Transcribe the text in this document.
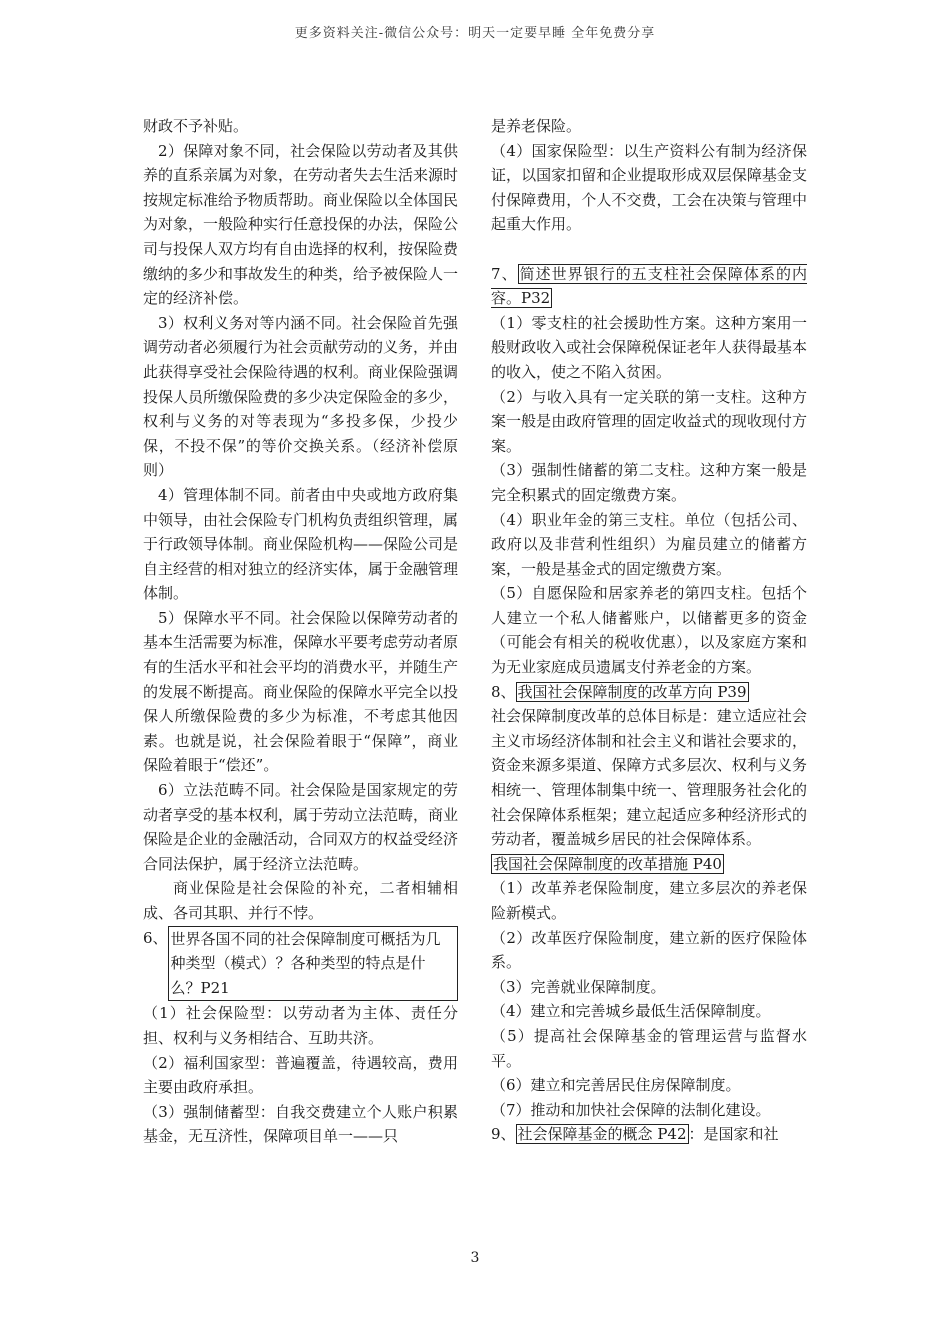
更多资料关注-微信公众号：明天一定要早睡 全年免费分享

财政不予补贴。

2）保障对象不同，社会保险以劳动者及其供养的直系亲属为对象，在劳动者失去生活来源时按规定标准给予物质帮助。商业保险以全体国民为对象，一般险种实行任意投保的办法，保险公司与投保人双方均有自由选择的权利，按保险费缴纳的多少和事故发生的种类，给予被保险人一定的经济补偿。

3）权利义务对等内涵不同。社会保险首先强调劳动者必须履行为社会贡献劳动的义务，并由此获得享受社会保险待遇的权利。商业保险强调投保人员所缴保险费的多少决定保险金的多少，权利与义务的对等表现为“多投多保，少投少保，不投不保”的等价交换关系。（经济补偿原则）

4）管理体制不同。前者由中央或地方政府集中领导，由社会保险专门机构负责组织管理，属于行政领导体制。商业保险机构——保险公司是自主经营的相对独立的经济实体，属于金融管理体制。

5）保障水平不同。社会保险以保障劳动者的基本生活需要为标准，保障水平要考虑劳动者原有的生活水平和社会平均的消费水平，并随生产的发展不断提高。商业保险的保障水平完全以投保人所缴保险费的多少为标准，不考虑其他因素。也就是说，社会保险着眼于“保障”，商业保险着眼于“偿还”。

6）立法范畴不同。社会保险是国家规定的劳动者享受的基本权利，属于劳动立法范畴，商业保险是企业的金融活动，合同双方的权益受经济合同法保护，属于经济立法范畴。

商业保险是社会保险的补充，二者相辅相成、各司其职、并行不悖。

6、 世界各国不同的社会保障制度可概括为几种类型（模式）？各种类型的特点是什么？P21

（1）社会保险型：以劳动者为主体、责任分担、权利与义务相结合、互助共济。

（2）福利国家型：普遍覆盖，待遇较高，费用主要由政府承担。

（3）强制储蓄型：自我交费建立个人账户积累基金，无互济性，保障项目单一——只

是养老保险。

（4）国家保险型：以生产资料公有制为经济保证，以国家扣留和企业提取形成双层保障基金支付保障费用，个人不交费，工会在决策与管理中起重大作用。

7、 简述世界银行的五支柱社会保障体系的内容。P32

（1）零支柱的社会援助性方案。这种方案用一般财政收入或社会保障税保证老年人获得最基本的收入，使之不陷入贫困。

（2）与收入具有一定关联的第一支柱。这种方案一般是由政府管理的固定收益式的现收现付方案。

（3）强制性储蓄的第二支柱。这种方案一般是完全积累式的固定缴费方案。

（4）职业年金的第三支柱。单位（包括公司、政府以及非营利性组织）为雇员建立的储蓄方案，一般是基金式的固定缴费方案。

（5）自愿保险和居家养老的第四支柱。包括个人建立一个私人储蓄账户，以储蓄更多的资金（可能会有相关的税收优惠），以及家庭方案和为无业家庭成员遗属支付养老金的方案。

8、 我国社会保障制度的改革方向 P39

社会保障制度改革的总体目标是：建立适应社会主义市场经济体制和社会主义和谐社会要求的，资金来源多渠道、保障方式多层次、权利与义务相统一、管理体制集中统一、管理服务社会化的社会保障体系框架；建立起适应多种经济形式的劳动者，覆盖城乡居民的社会保障体系。

我国社会保障制度的改革措施 P40

（1）改革养老保险制度，建立多层次的养老保险新模式。

（2）改革医疗保险制度，建立新的医疗保险体系。

（3）完善就业保障制度。

（4）建立和完善城乡最低生活保障制度。

（5）提高社会保障基金的管理运营与监督水平。

（6）建立和完善居民住房保障制度。

（7）推动和加快社会保障的法制化建设。

9、 社会保障基金的概念 P42 ：是国家和社

3
